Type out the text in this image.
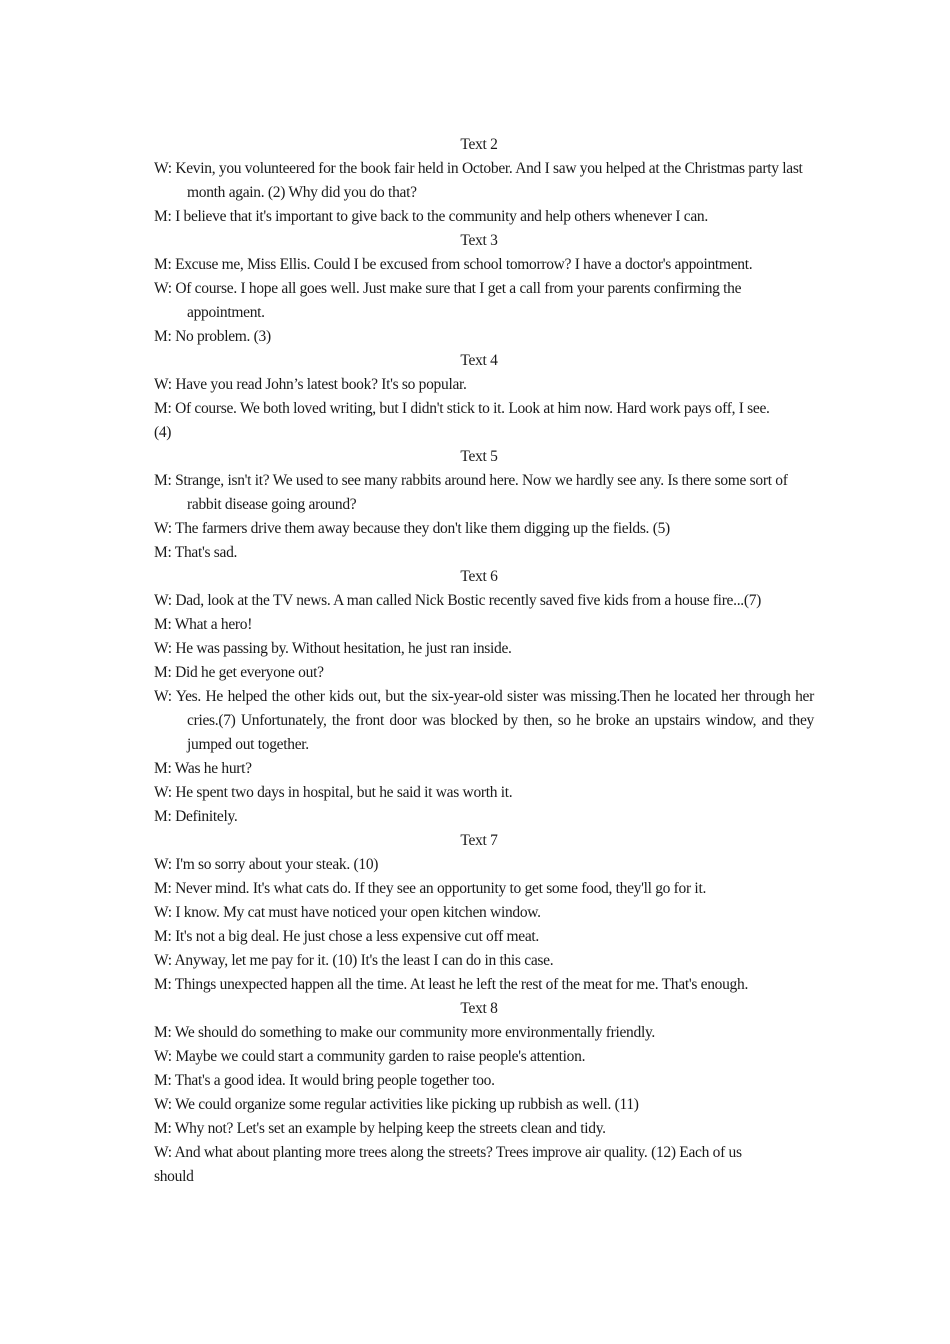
Text 2
W: Kevin, you volunteered for the book fair held in October. And I saw you helped at the Christmas party last month again. (2) Why did you do that?
M: I believe that it's important to give back to the community and help others whenever I can.
Text 3
M: Excuse me, Miss Ellis. Could I be excused from school tomorrow? I have a doctor's appointment.
W: Of course. I hope all goes well. Just make sure that I get a call from your parents confirming the appointment.
M: No problem. (3)
Text 4
W: Have you read John’s latest book? It's so popular.
M: Of course. We both loved writing, but I didn't stick to it. Look at him now. Hard work pays off, I see.
(4)
Text 5
M: Strange, isn't it? We used to see many rabbits around here. Now we hardly see any. Is there some sort of rabbit disease going around?
W: The farmers drive them away because they don't like them digging up the fields. (5)
M: That's sad.
Text 6
W: Dad, look at the TV news. A man called Nick Bostic recently saved five kids from a house fire...(7)
M: What a hero!
W: He was passing by. Without hesitation, he just ran inside.
M: Did he get everyone out?
W: Yes. He helped the other kids out, but the six-year-old sister was missing.Then he located her through her cries.(7) Unfortunately, the front door was blocked by then, so he broke an upstairs window, and they jumped out together.
M: Was he hurt?
W: He spent two days in hospital, but he said it was worth it.
M: Definitely.
Text 7
W: I'm so sorry about your steak. (10)
M: Never mind. It's what cats do. If they see an opportunity to get some food, they'll go for it.
W: I know. My cat must have noticed your open kitchen window.
M: It's not a big deal. He just chose a less expensive cut off meat.
W: Anyway, let me pay for it. (10) It's the least I can do in this case.
M: Things unexpected happen all the time. At least he left the rest of the meat for me. That's enough.
Text 8
M: We should do something to make our community more environmentally friendly.
W: Maybe we could start a community garden to raise people's attention.
M: That's a good idea. It would bring people together too.
W: We could organize some regular activities like picking up rubbish as well. (11)
M: Why not? Let's set an example by helping keep the streets clean and tidy.
W: And what about planting more trees along the streets? Trees improve air quality. (12) Each of us
should
